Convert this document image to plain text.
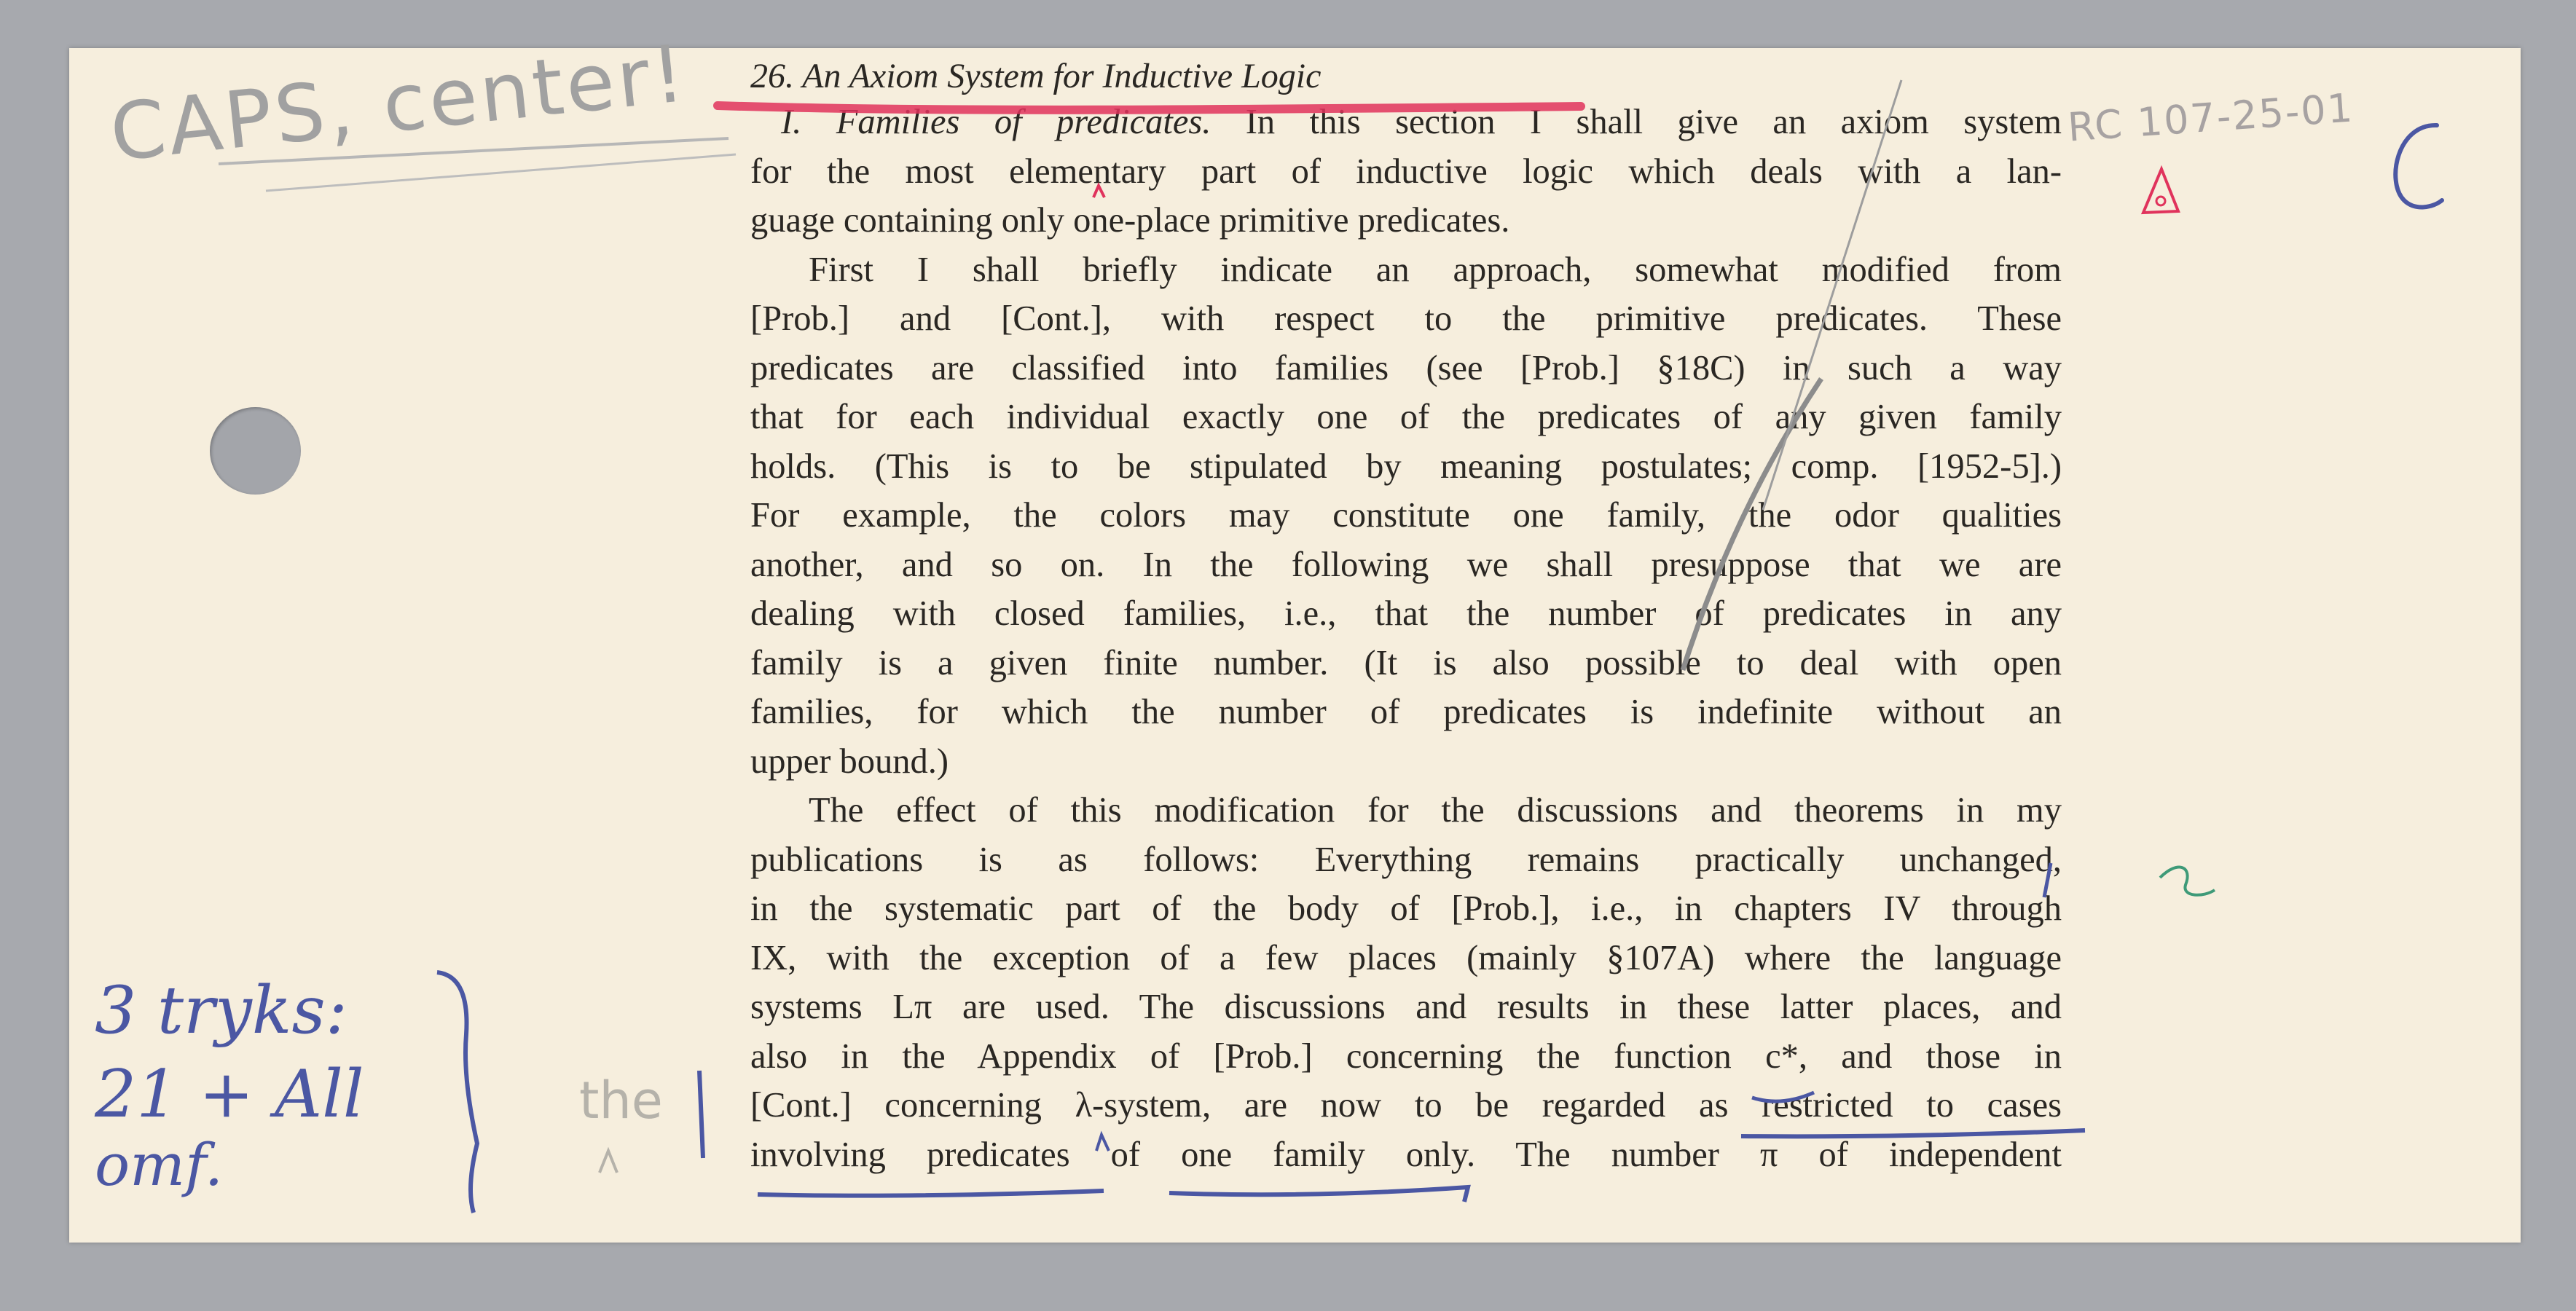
26. An Axiom System for Inductive Logic
I. Families of predicates. In this section I shall give an axiom system
for the most elementary part of inductive logic which deals with a lan-
guage containing only one-place primitive predicates.
First I shall briefly indicate an approach, somewhat modified from
[Prob.] and [Cont.], with respect to the primitive predicates. These
predicates are classified into families (see [Prob.] §18C) in such a way
that for each individual exactly one of the predicates of any given family
holds. (This is to be stipulated by meaning postulates; comp. [1952-5].)
For example, the colors may constitute one family, the odor qualities
another, and so on. In the following we shall presuppose that we are
dealing with closed families, i.e., that the number of predicates in any
family is a given finite number. (It is also possible to deal with open
families, for which the number of predicates is indefinite without an
upper bound.)
The effect of this modification for the discussions and theorems in my
publications is as follows: Everything remains practically unchanged,
in the systematic part of the body of [Prob.], i.e., in chapters IV through
IX, with the exception of a few places (mainly §107A) where the language
systems Lπ are used. The discussions and results in these latter places, and
also in the Appendix of [Prob.] concerning the function c*, and those in
[Cont.] concerning λ-system, are now to be regarded as restricted to cases
involving predicates of one family only. The number π of independent
RC 107-25-01
CAPS, center!
the
3 tryks:
21 + All
omf.
